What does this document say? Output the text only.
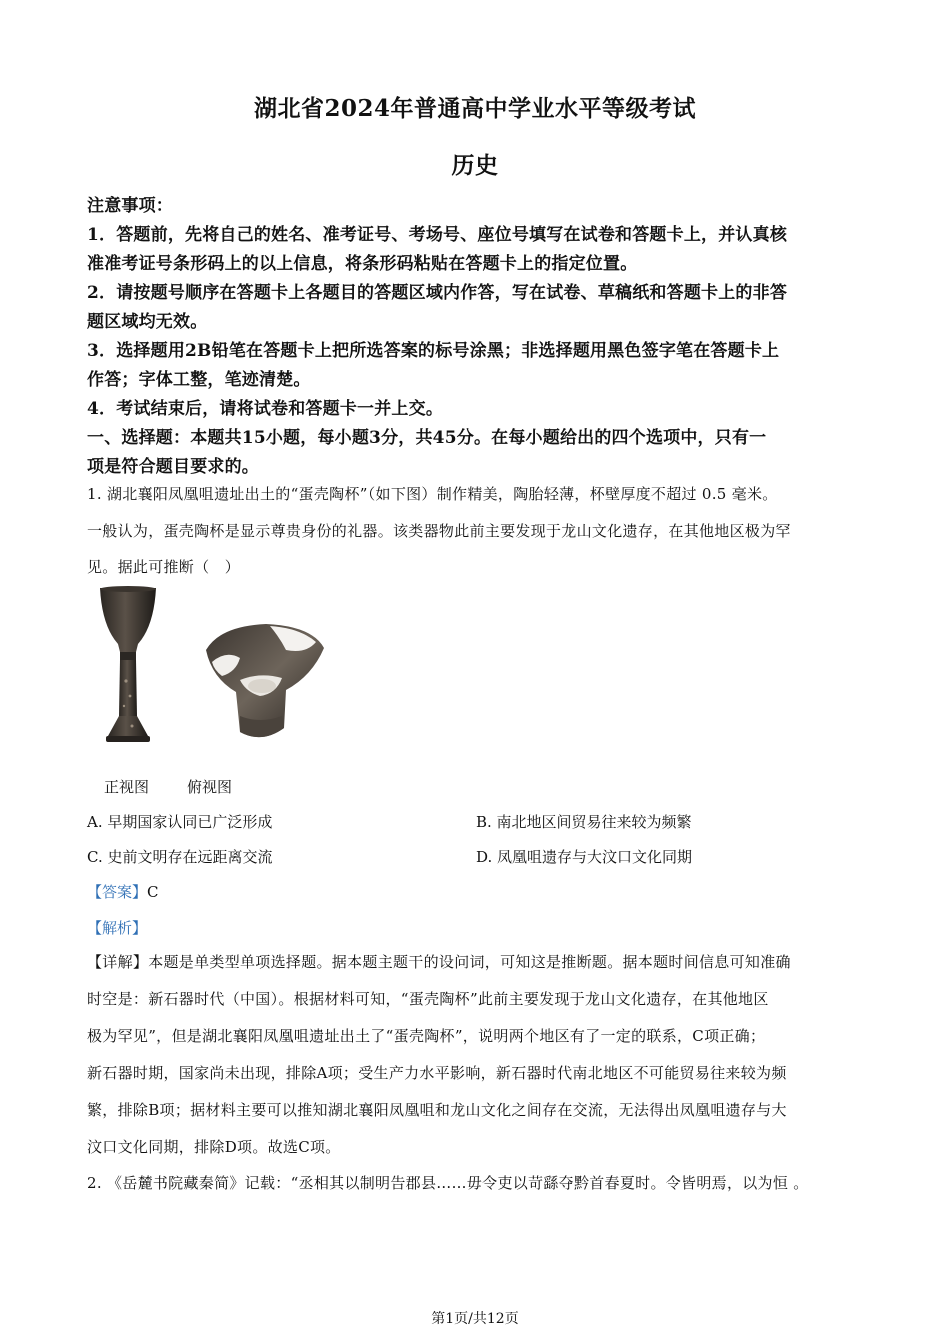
湖北省2024年普通高中学业水平等级考试
历史
注意事项：
1．答题前，先将自己的姓名、准考证号、考场号、座位号填写在试卷和答题卡上，并认真核
准准考证号条形码上的以上信息，将条形码粘贴在答题卡上的指定位置。
2．请按题号顺序在答题卡上各题目的答题区域内作答，写在试卷、草稿纸和答题卡上的非答
题区域均无效。
3．选择题用2B铅笔在答题卡上把所选答案的标号涂黑；非选择题用黑色签字笔在答题卡上
作答；字体工整，笔迹清楚。
4．考试结束后，请将试卷和答题卡一并上交。
一、选择题：本题共15小题，每小题3分，共45分。在每小题给出的四个选项中，只有一
项是符合题目要求的。
1. 湖北襄阳凤凰咀遗址出土的“蛋壳陶杯”（如下图）制作精美，陶胎轻薄，杯壁厚度不超过 0.5 毫米。
一般认为，蛋壳陶杯是显示尊贵身份的礼器。该类器物此前主要发现于龙山文化遗存，在其他地区极为罕
见。据此可推断（　）
正视图	俯视图
A. 早期国家认同已广泛形成	B. 南北地区间贸易往来较为频繁
C. 史前文明存在远距离交流	D. 凤凰咀遗存与大汶口文化同期
【答案】C
【解析】
【详解】本题是单类型单项选择题。据本题主题干的设问词，可知这是推断题。据本题时间信息可知准确
时空是：新石器时代（中国）。根据材料可知，“蛋壳陶杯”此前主要发现于龙山文化遗存，在其他地区
极为罕见”，但是湖北襄阳凤凰咀遗址出土了“蛋壳陶杯”，说明两个地区有了一定的联系，C项正确；
新石器时期，国家尚未出现，排除A项；受生产力水平影响，新石器时代南北地区不可能贸易往来较为频
繁，排除B项；据材料主要可以推知湖北襄阳凤凰咀和龙山文化之间存在交流，无法得出凤凰咀遗存与大
汶口文化同期，排除D项。故选C项。
2. 《岳麓书院藏秦简》记载：“丞相其以制明告郡县……毋令吏以苛繇夺黔首春夏时。令皆明焉，以为恒 。
第1页/共12页
